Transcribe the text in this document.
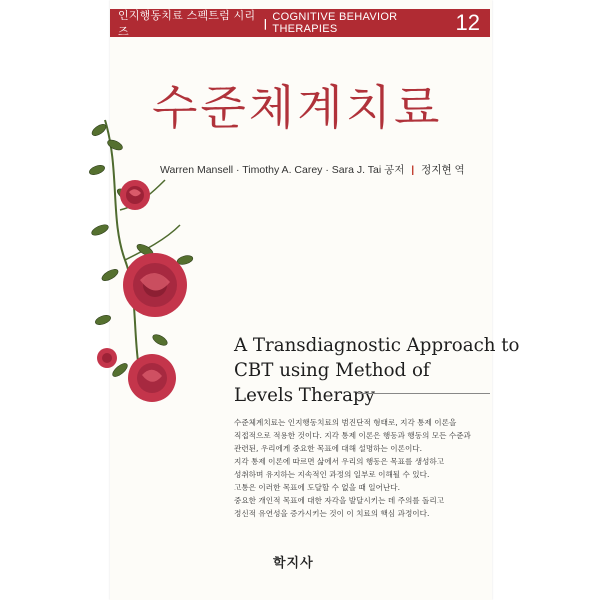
인지행동치료 스펙트럼 시리즈
| COGNITIVE BEHAVIOR THERAPIES	12
수준체계치료
Warren Mansell · Timothy A. Carey · Sara J. Tai 공저 | 정지현 역
A Transdiagnostic Approach to
CBT using Method of
Levels Therapy
수준체계치료는 인지행동치료의 범진단적 형태로, 지각 통제 이론을
직접적으로 적용한 것이다. 지각 통제 이론은 행동과 행동의 모든 수준과
관련된, 우리에게 중요한 목표에 대해 설명하는 이론이다.
지각 통제 이론에 따르면 삶에서 우리의 행동은 목표를 생성하고
성취하며 유지하는 지속적인 과정의 일부로 이해될 수 있다.
고통은 이러한 목표에 도달할 수 없을 때 일어난다.
중요한 개인적 목표에 대한 자각을 발달시키는 데 주의를 돌리고
정신적 유연성을 증가시키는 것이 이 치료의 핵심 과정이다.
학지사
